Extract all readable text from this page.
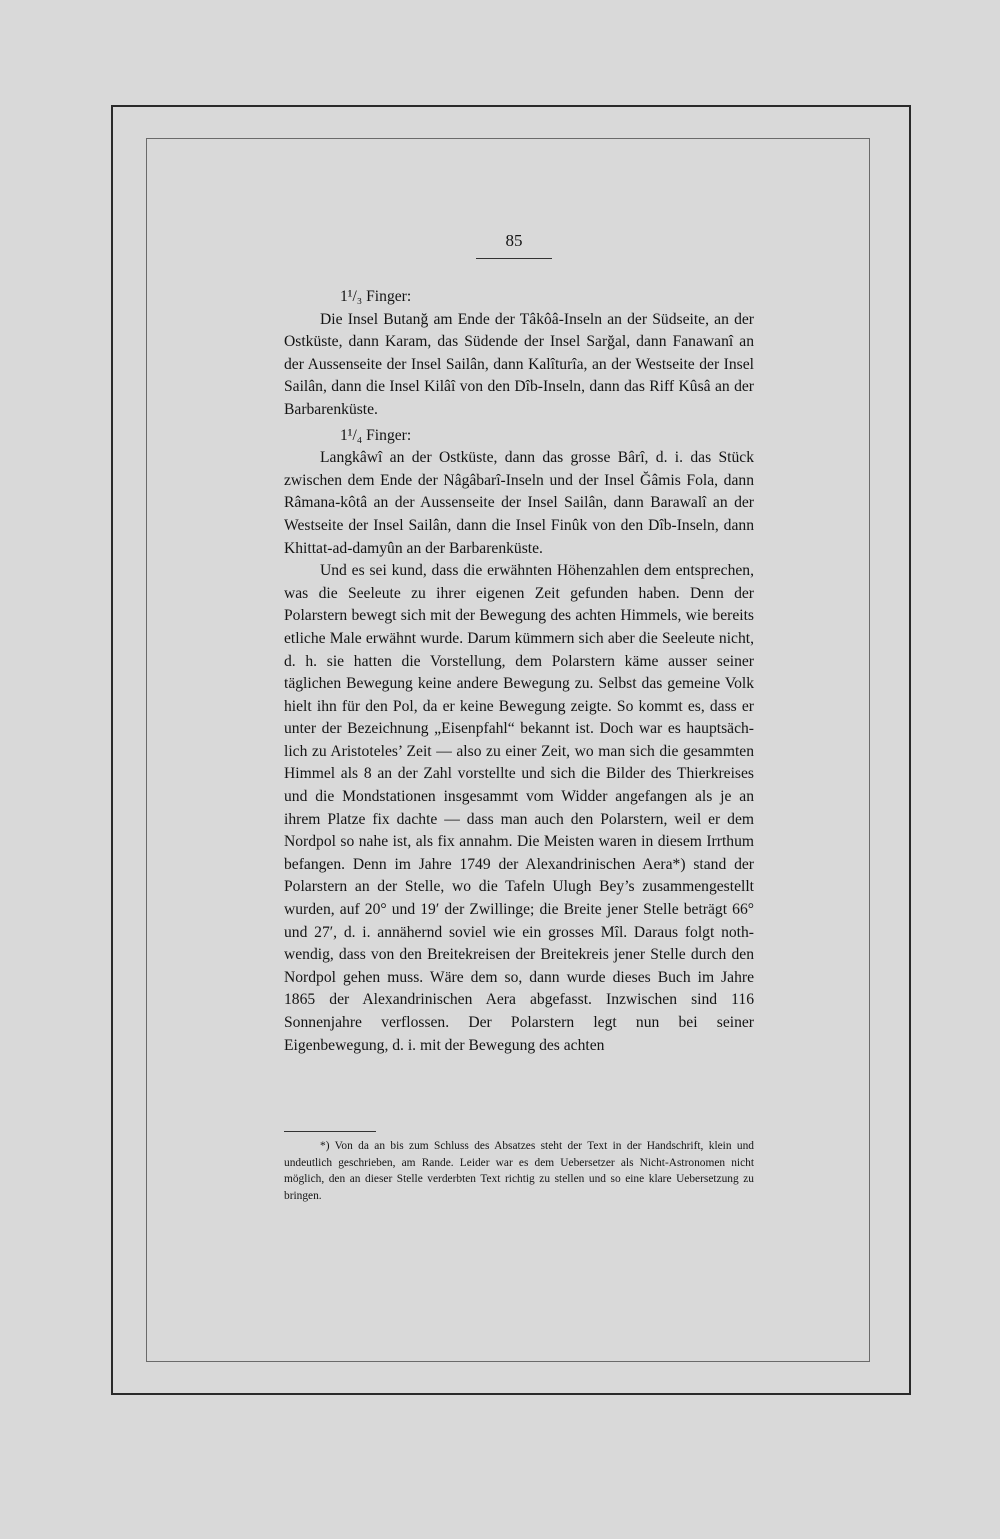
85

1¹/₃ Finger:

Die Insel Butanğ am Ende der Tâkôâ-Inseln an der Südseite, an der Ostküste, dann Karam, das Südende der Insel Sarğal, dann Fanawanî an der Aussenseite der Insel Sailân, dann Kalîturîa, an der Westseite der Insel Sailân, dann die Insel Kilâî von den Dîb-Inseln, dann das Riff Kûsâ an der Barbarenküste.

1¹/₄ Finger:

Langkâwî an der Ostküste, dann das grosse Bârî, d. i. das Stück zwischen dem Ende der Nâgâbarî-Inseln und der Insel Ğâmis Fola, dann Râmana-kôtâ an der Aussenseite der Insel Sailân, dann Barawalî an der Westseite der Insel Sailân, dann die Insel Finûk von den Dîb-Inseln, dann Khittat-ad-damyûn an der Barbarenküste.

Und es sei kund, dass die erwähnten Höhenzahlen dem entsprechen, was die Seeleute zu ihrer eigenen Zeit gefunden haben. Denn der Polarstern bewegt sich mit der Bewegung des achten Himmels, wie bereits etliche Male erwähnt wurde. Darum kümmern sich aber die Seeleute nicht, d. h. sie hatten die Vorstellung, dem Polarstern käme ausser seiner täglichen Bewegung keine andere Bewegung zu. Selbst das gemeine Volk hielt ihn für den Pol, da er keine Bewegung zeigte. So kommt es, dass er unter der Bezeichnung „Eisenpfahl“ bekannt ist. Doch war es hauptsächlich zu Aristoteles’ Zeit — also zu einer Zeit, wo man sich die gesammten Himmel als 8 an der Zahl vorstellte und sich die Bilder des Thierkreises und die Mondstationen insgesammt vom Widder angefangen als je an ihrem Platze fix dachte — dass man auch den Polarstern, weil er dem Nordpol so nahe ist, als fix annahm. Die Meisten waren in diesem Irrthum befangen. Denn im Jahre 1749 der Alexandrinischen Aera*) stand der Polarstern an der Stelle, wo die Tafeln Ulugh Bey’s zusammengestellt wurden, auf 20° und 19′ der Zwillinge; die Breite jener Stelle beträgt 66° und 27′, d. i. annähernd soviel wie ein grosses Mîl. Daraus folgt nothwendig, dass von den Breitekreisen der Breitekreis jener Stelle durch den Nordpol gehen muss. Wäre dem so, dann wurde dieses Buch im Jahre 1865 der Alexandrinischen Aera abgefasst. Inzwischen sind 116 Sonnenjahre verflossen. Der Polarstern legt nun bei seiner Eigenbewegung, d. i. mit der Bewegung des achten

*) Von da an bis zum Schluss des Absatzes steht der Text in der Handschrift, klein und undeutlich geschrieben, am Rande. Leider war es dem Uebersetzer als Nicht-Astronomen nicht möglich, den an dieser Stelle verderbten Text richtig zu stellen und so eine klare Uebersetzung zu bringen.
